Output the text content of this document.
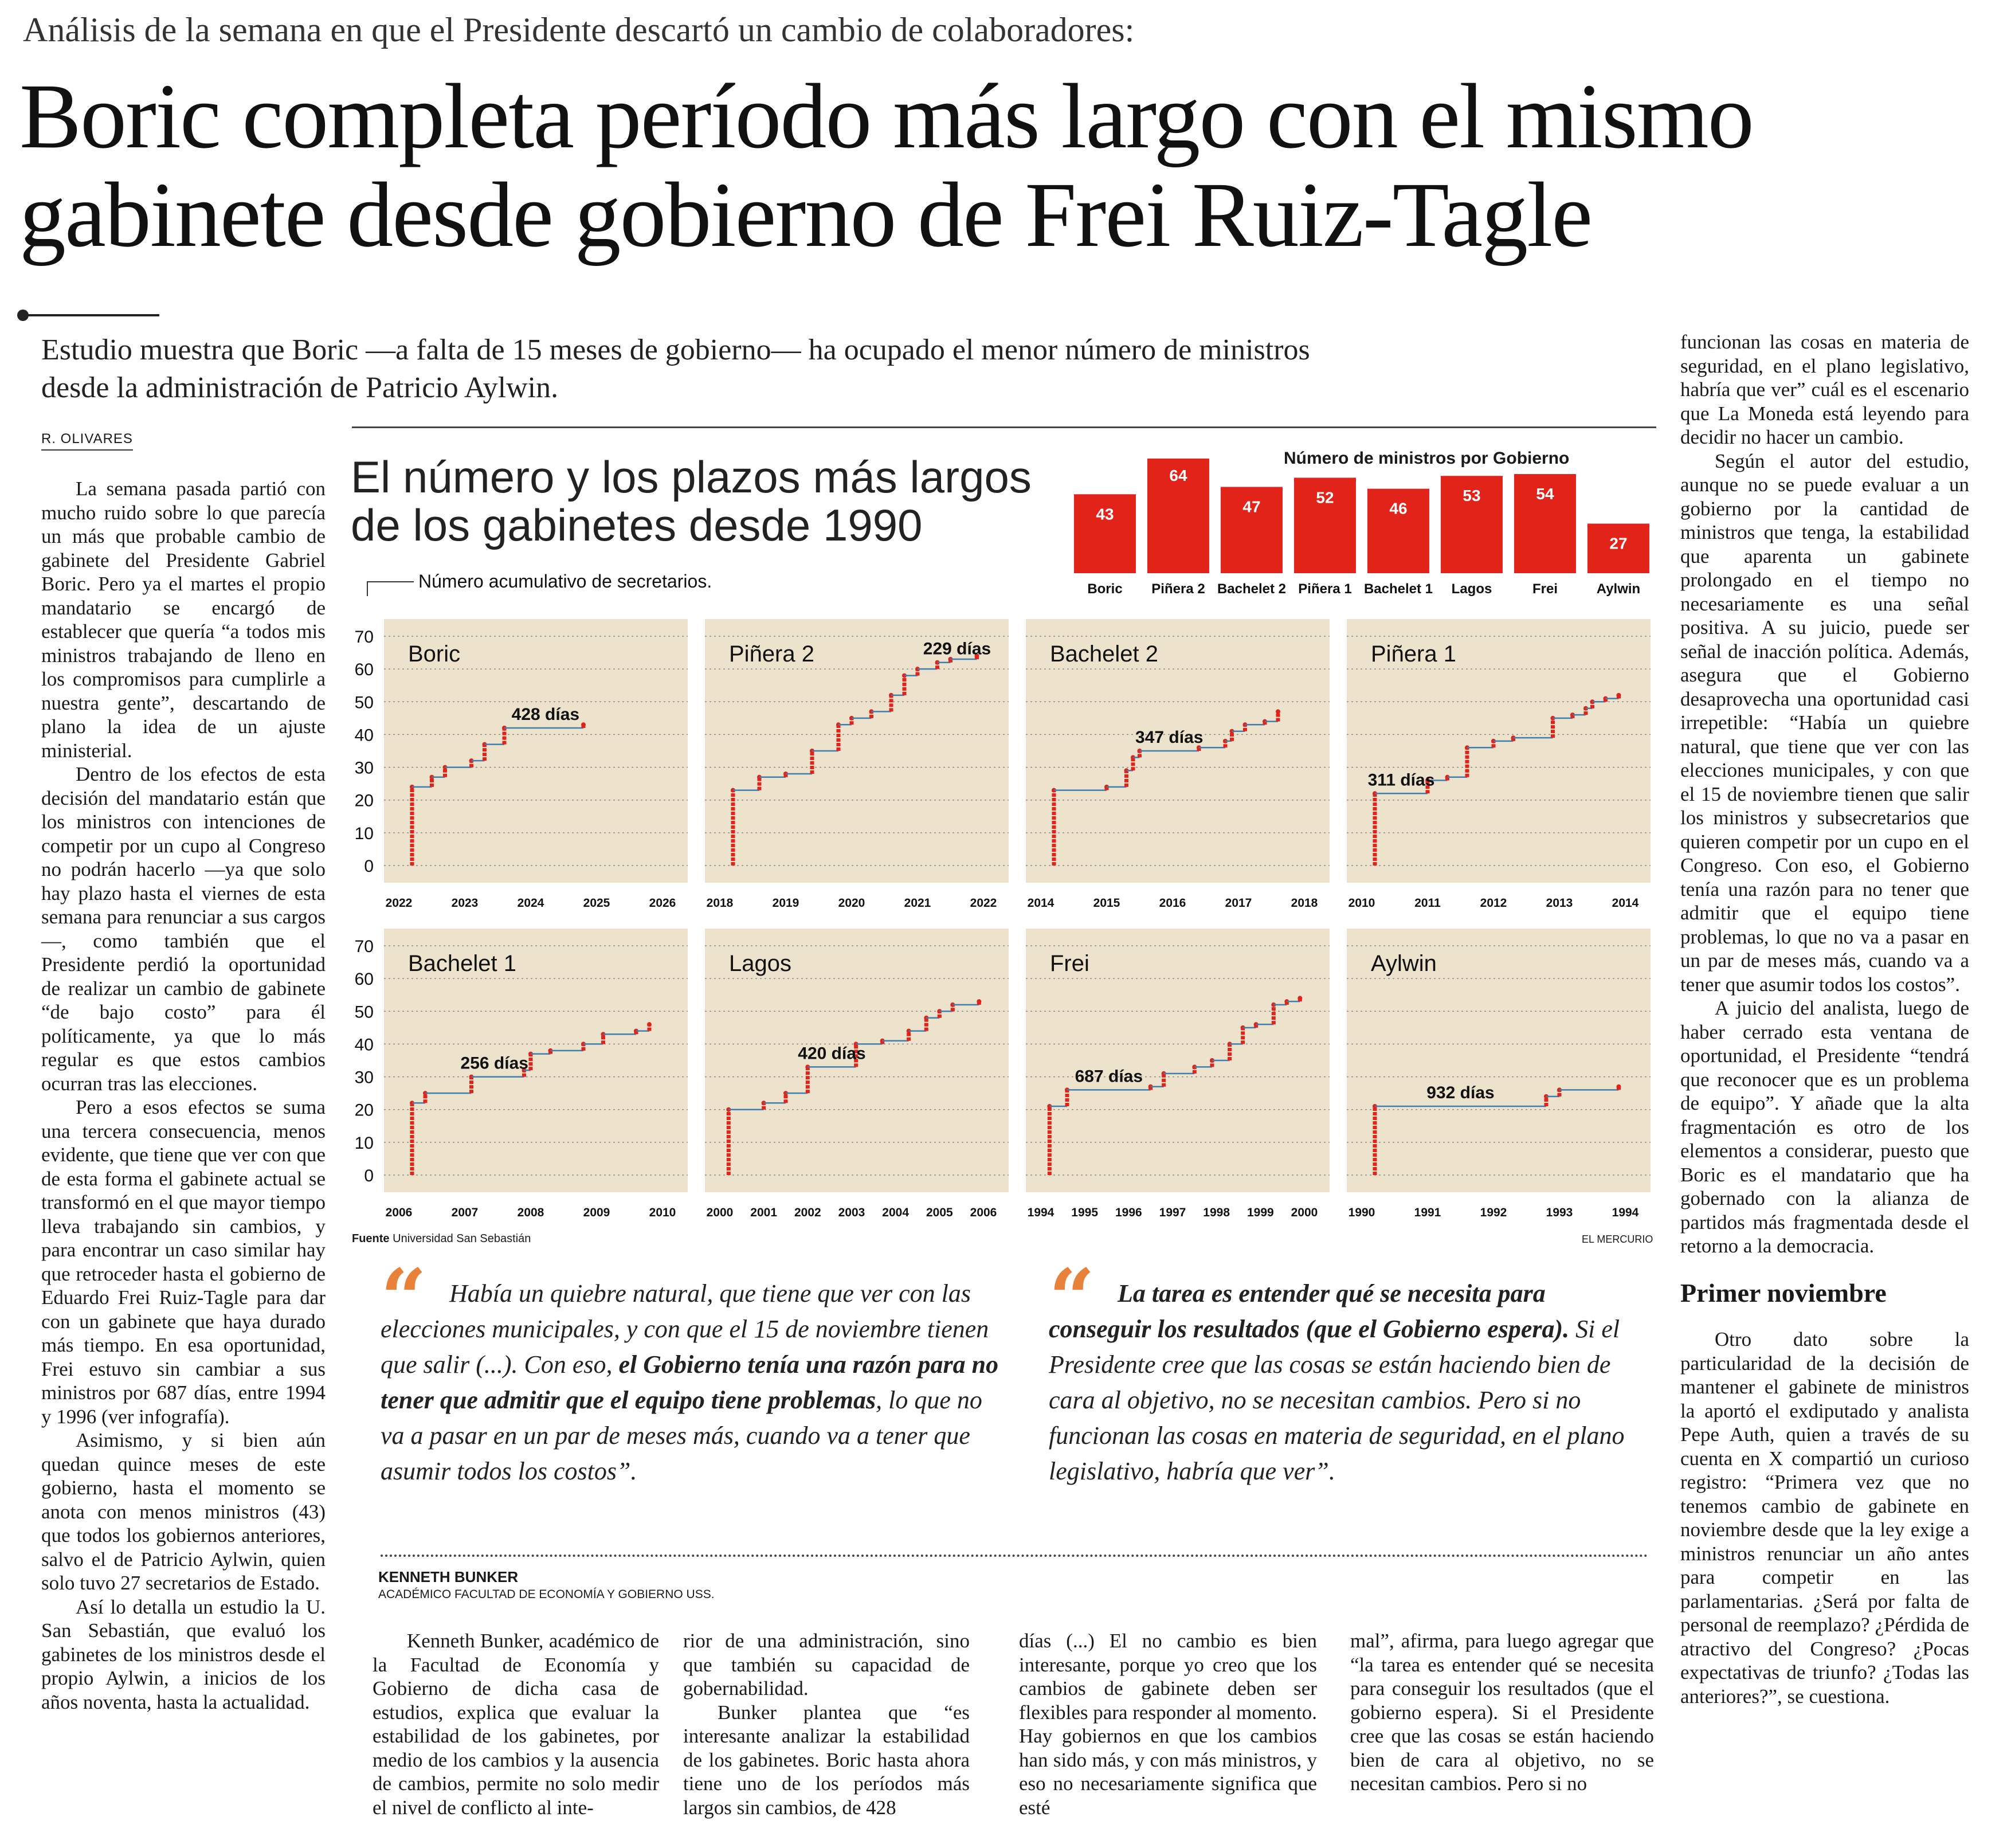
Análisis de la semana en que el Presidente descartó un cambio de colaboradores:
Boric completa período más largo con el mismo
gabinete desde gobierno de Frei Ruiz-Tagle
Estudio muestra que Boric —a falta de 15 meses de gobierno— ha ocupado el menor número de ministros
desde la administración de Patricio Aylwin.
R. OLIVARES

La semana pasada partió con mucho ruido sobre lo que parecía un más que probable cambio de gabinete del Presidente Gabriel Boric. Pero ya el martes el propio mandatario se encargó de establecer que quería “a todos mis ministros trabajando de lleno en los compromisos para cumplirle a nuestra gente”, descartando de plano la idea de un ajuste ministerial.

Dentro de los efectos de esta decisión del mandatario están que los ministros con intenciones de competir por un cupo al Congreso no podrán hacerlo —ya que solo hay plazo hasta el viernes de esta semana para renunciar a sus cargos—, como también que el Presidente perdió la oportunidad de realizar un cambio de gabinete “de bajo costo” para él políticamente, ya que lo más regular es que estos cambios ocurran tras las elecciones.

Pero a esos efectos se suma una tercera consecuencia, menos evidente, que tiene que ver con que de esta forma el gabinete actual se transformó en el que mayor tiempo lleva trabajando sin cambios, y para encontrar un caso similar hay que retroceder hasta el gobierno de Eduardo Frei Ruiz-Tagle para dar con un gabinete que haya durado más tiempo. En esa oportunidad, Frei estuvo sin cambiar a sus ministros por 687 días, entre 1994 y 1996 (ver infografía).

Asimismo, y si bien aún quedan quince meses de este gobierno, hasta el momento se anota con menos ministros (43) que todos los gobiernos anteriores, salvo el de Patricio Aylwin, quien solo tuvo 27 secretarios de Estado.

Así lo detalla un estudio la U. San Sebastián, que evaluó los gabinetes de los ministros desde el propio Aylwin, a inicios de los años noventa, hasta la actualidad.

funcionan las cosas en materia de seguridad, en el plano legislativo, habría que ver” cuál es el escenario que La Moneda está leyendo para decidir no hacer un cambio.

Según el autor del estudio, aunque no se puede evaluar a un gobierno por la cantidad de ministros que tenga, la estabilidad que aparenta un gabinete prolongado en el tiempo no necesariamente es una señal positiva. A su juicio, puede ser señal de inacción política. Además, asegura que el Gobierno desaprovecha una oportunidad casi irrepetible: “Había un quiebre natural, que tiene que ver con las elecciones municipales, y con que el 15 de noviembre tienen que salir los ministros y subsecretarios que quieren competir por un cupo en el Congreso. Con eso, el Gobierno tenía una razón para no tener que admitir que el equipo tiene problemas, lo que no va a pasar en un par de meses más, cuando va a tener que asumir todos los costos”.

A juicio del analista, luego de haber cerrado esta ventana de oportunidad, el Presidente “tendrá que reconocer que es un problema de equipo”. Y añade que la alta fragmentación es otro de los elementos a considerar, puesto que Boric es el mandatario que ha gobernado con la alianza de partidos más fragmentada desde el retorno a la democracia.

Primer noviembre

Otro dato sobre la particularidad de la decisión de mantener el gabinete de ministros la aportó el exdiputado y analista Pepe Auth, quien a través de su cuenta en X compartió un curioso registro: “Primera vez que no tenemos cambio de gabinete en noviembre desde que la ley exige a ministros renunciar un año antes para competir en las parlamentarias. ¿Será por falta de personal de reemplazo? ¿Pérdida de atractivo del Congreso? ¿Pocas expectativas de triunfo? ¿Todas las anteriores?”, se cuestiona.

El número y los plazos más largos
de los gabinetes desde 1990
Número acumulativo de secretarios.
Número de ministros por Gobierno
43
Boric
64
Piñera 2
47
Bachelet 2
52
Piñera 1
46
Bachelet 1
53
Lagos
54
Frei
27
Aylwin
70
60
50
40
30
20
10
0
70
60
50
40
30
20
10
0
Boric
2022	2023	2024	2025	2026
428 días
Piñera 2
2018	2019	2020	2021	2022
229 días	Bachelet 2
2014	2015	2016	2017	2018
347 días
Piñera 1
2010	2011	2012	2013	2014
311 días
Bachelet 1
2006	2007	2008	2009	2010
256 días
Lagos
2000 2001 2002 2003 2004 2005 2006
420 días
Frei
1994 1995 1996 1997 1998 1999 2000
687 días
Aylwin
1990	1991	1992	1993	1994
932 días
Fuente Universidad San Sebastián	EL MERCURIO
“ Había un quiebre natural, que tiene que ver con las elecciones municipales, y con que el 15 de noviembre tienen que salir (...). Con eso, el Gobierno tenía una razón para no tener que admitir que el equipo tiene problemas, lo que no va a pasar en un par de meses más, cuando va a tener que asumir todos los costos”.
“ La tarea es entender qué se necesita para conseguir los resultados (que el Gobierno espera). Si el Presidente cree que las cosas se están haciendo bien de cara al objetivo, no se necesitan cambios. Pero si no funcionan las cosas en materia de seguridad, en el plano legislativo, habría que ver”.
KENNETH BUNKER
ACADÉMICO FACULTAD DE ECONOMÍA Y GOBIERNO USS.

Kenneth Bunker, académico de la Facultad de Economía y Gobierno de dicha casa de estudios, explica que evaluar la estabilidad de los gabinetes, por medio de los cambios y la ausencia de cambios, permite no solo medir el nivel de conflicto al inte-

rior de una administración, sino que también su capacidad de gobernabilidad.

Bunker plantea que “es interesante analizar la estabilidad de los gabinetes. Boric hasta ahora tiene uno de los períodos más largos sin cambios, de 428

días (...) El no cambio es bien interesante, porque yo creo que los cambios de gabinete deben ser flexibles para responder al momento. Hay gobiernos en que los cambios han sido más, y con más ministros, y eso no necesariamente significa que esté

mal”, afirma, para luego agregar que “la tarea es entender qué se necesita para conseguir los resultados (que el gobierno espera). Si el Presidente cree que las cosas se están haciendo bien de cara al objetivo, no se necesitan cambios. Pero si no
